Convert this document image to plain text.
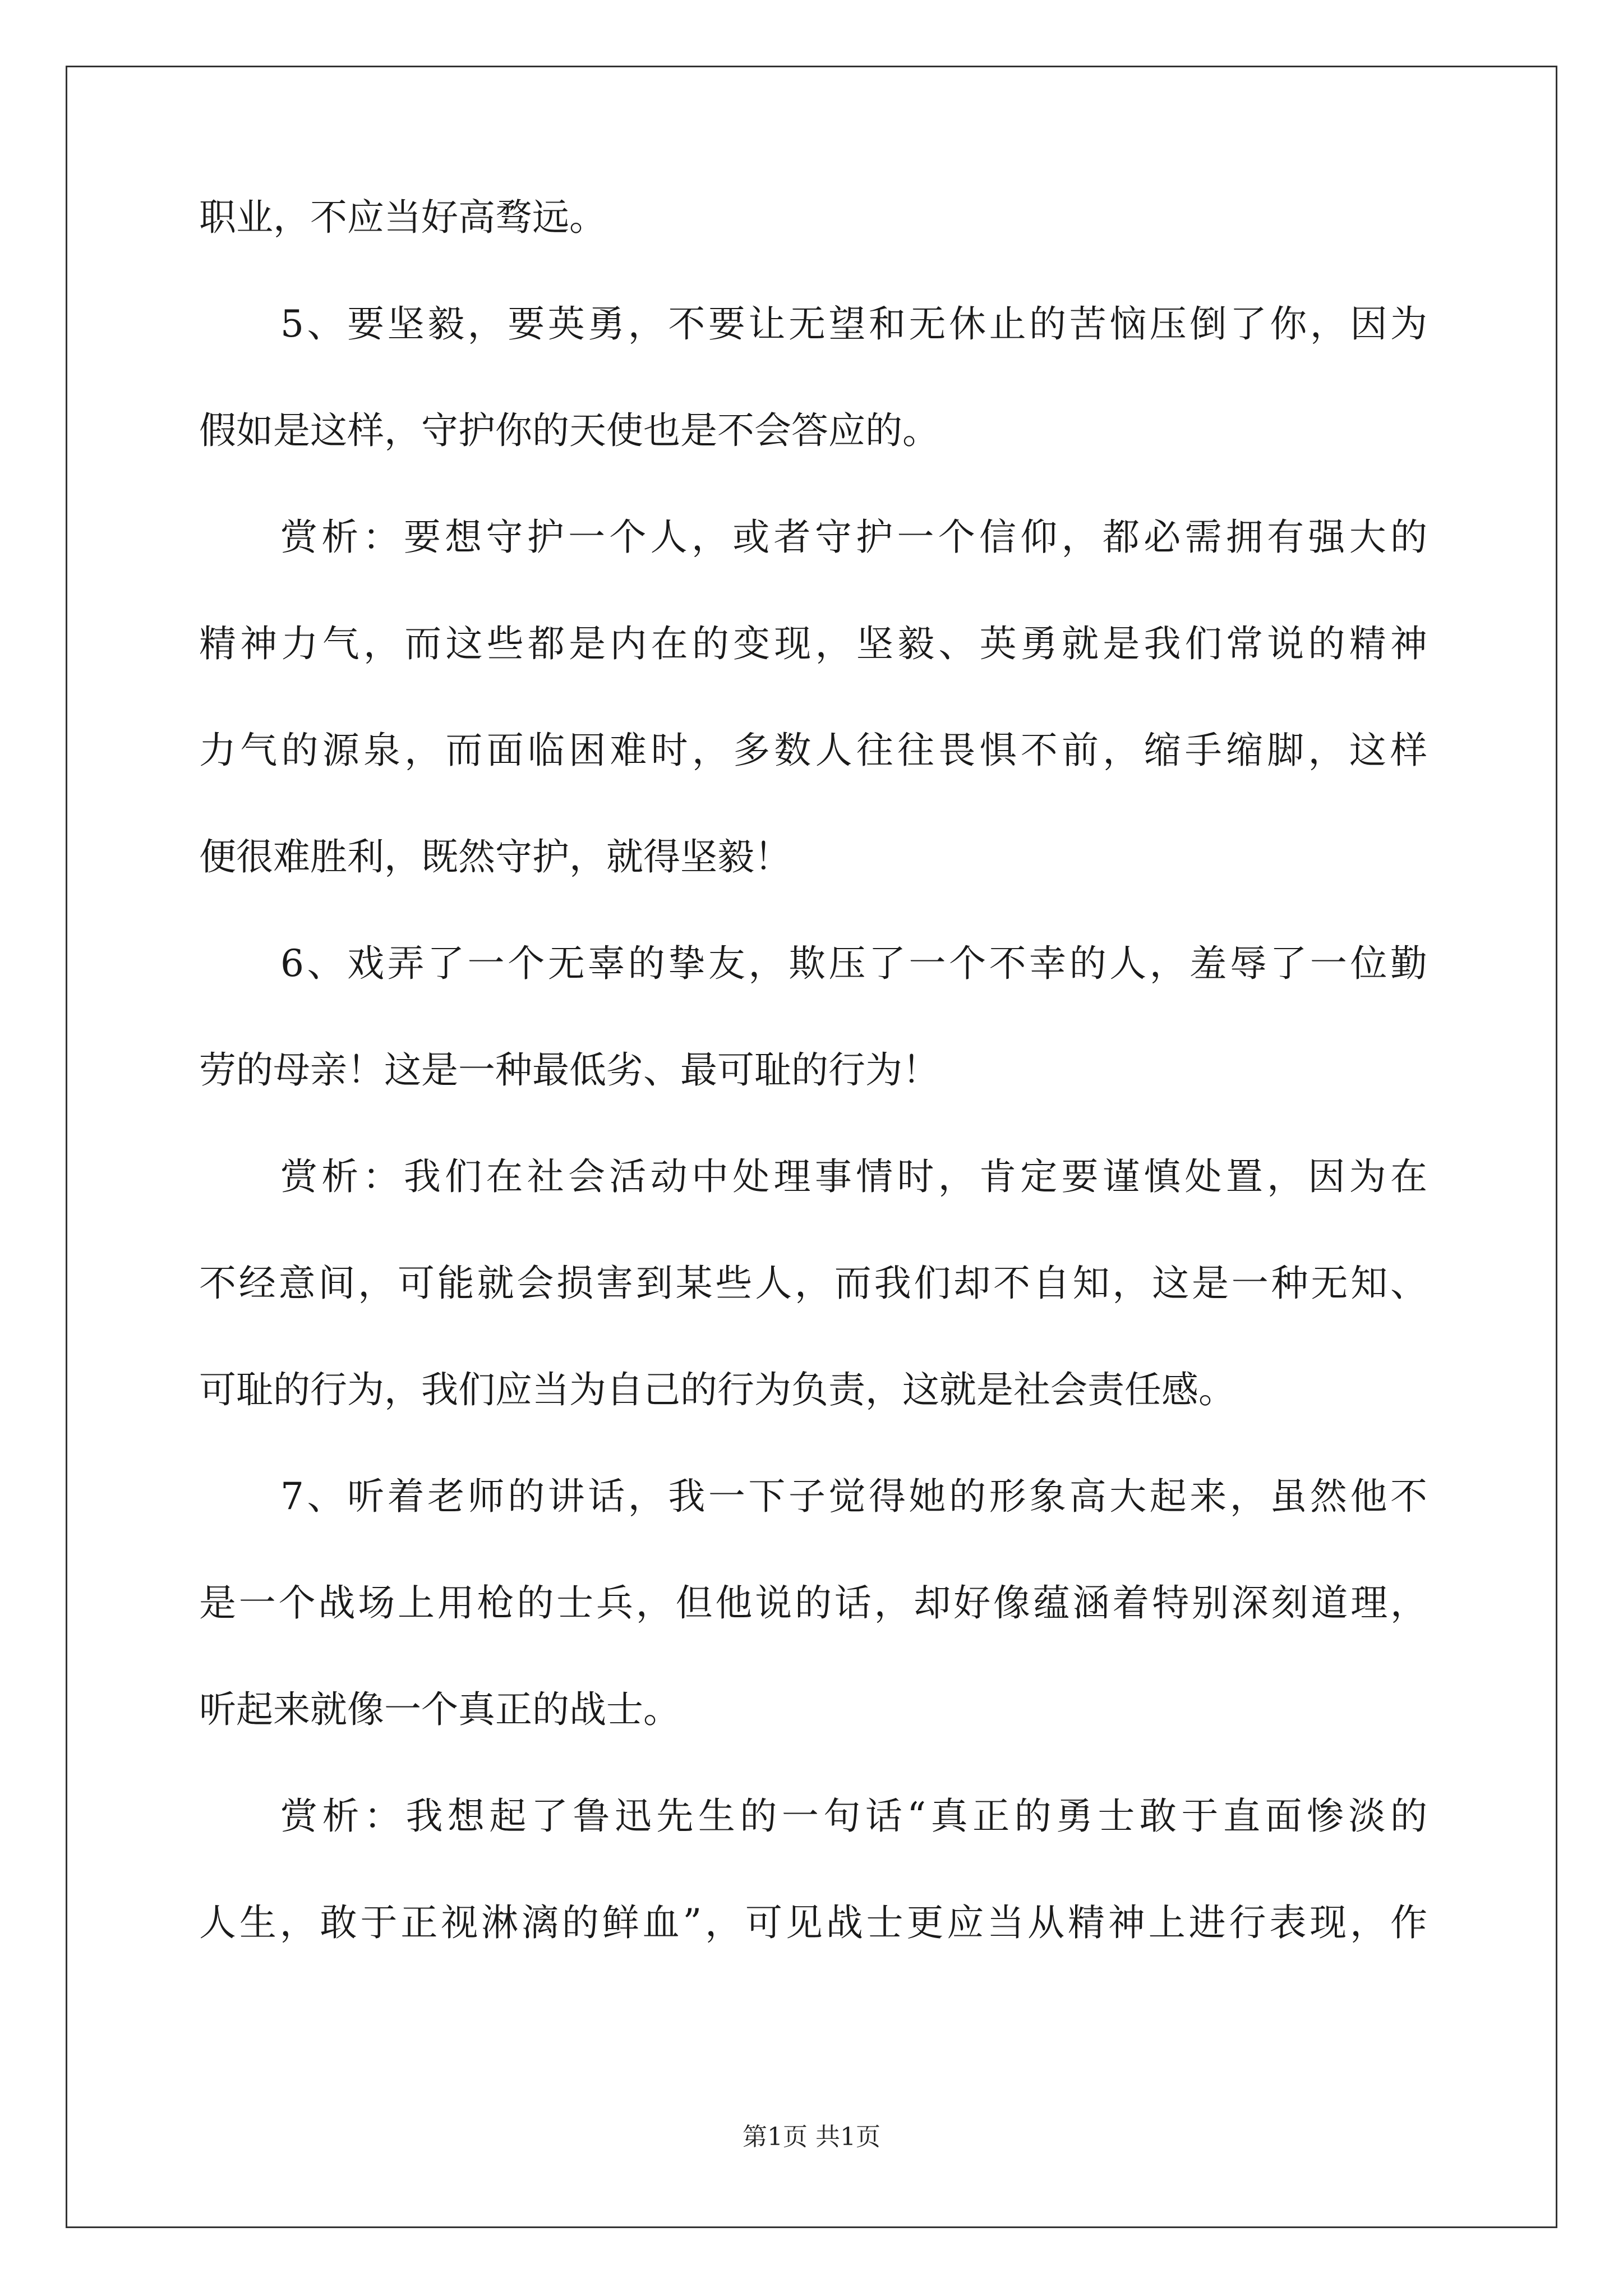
职业，不应当好高骛远。
5、要坚毅，要英勇，不要让无望和无休止的苦恼压倒了你，因为
假如是这样，守护你的天使也是不会答应的。
赏析：要想守护一个人，或者守护一个信仰，都必需拥有强大的
精神力气，而这些都是内在的变现，坚毅、英勇就是我们常说的精神
力气的源泉，而面临困难时，多数人往往畏惧不前，缩手缩脚，这样
便很难胜利，既然守护，就得坚毅！
6、戏弄了一个无辜的挚友，欺压了一个不幸的人，羞辱了一位勤
劳的母亲！这是一种最低劣、最可耻的行为！
赏析：我们在社会活动中处理事情时，肯定要谨慎处置，因为在
不经意间，可能就会损害到某些人，而我们却不自知，这是一种无知、
可耻的行为，我们应当为自己的行为负责，这就是社会责任感。
7、听着老师的讲话，我一下子觉得她的形象高大起来，虽然他不
是一个战场上用枪的士兵，但他说的话，却好像蕴涵着特别深刻道理，
听起来就像一个真正的战士。
赏析：我想起了鲁迅先生的一句话“真正的勇士敢于直面惨淡的
人生，敢于正视淋漓的鲜血”，可见战士更应当从精神上进行表现，作
第1页 共1页
